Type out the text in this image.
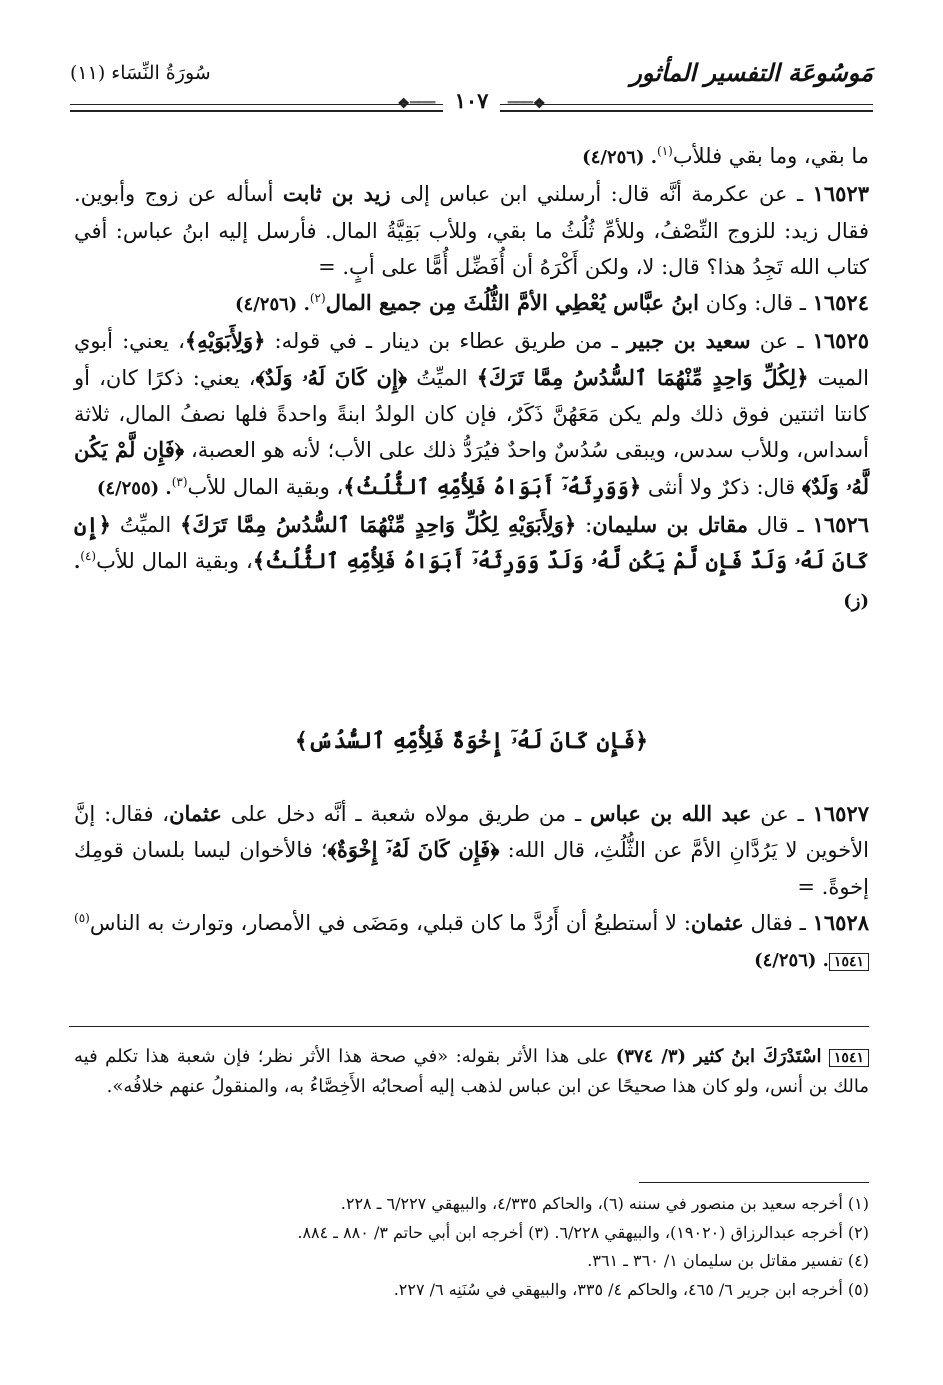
مَوسُوعَة التفسير المأثور
سُورَةُ النِّسَاء (١١)
❖═══ ١٠٧ ═══❖

ما بقي، وما بقي فللأب$^{(١)}$. (٤/٢٥٦)

١٦٥٢٣ ـ عن عكرمة أنَّه قال: أرسلني ابن عباس إلى زيد بن ثابت أسأله عن زوج وأبوين. فقال زيد: للزوج النِّصْفُ، وللأمِّ ثُلُثُ ما بقي، وللأب بَقِيَّةُ المال. فأرسل إليه ابنُ عباس: أفي كتاب الله تَجِدُ هذا؟ قال: لا، ولكن أَكْرَهُ أن أُفَضِّل أُمًّا على أبٍ. =

١٦٥٢٤ ـ قال: وكان ابنُ عبَّاس يُعْطِي الأمَّ الثُّلُثَ مِن جميع المال$^{(٢)}$. (٤/٢٥٦)

١٦٥٢٥ ـ عن سعيد بن جبير ـ من طريق عطاء بن دينار ـ في قوله: ﴿وَلِأَبَوَيْهِ﴾، يعني: أبوي الميت ﴿لِكُلِّ وَاحِدٍ مِّنْهُمَا ٱلسُّدُسُ مِمَّا تَرَكَ﴾ الميِّتُ ﴿إِن كَانَ لَهُۥ وَلَدٌ﴾، يعني: ذكرًا كان، أو كانتا اثنتين فوق ذلك ولم يكن مَعَهُنَّ ذَكَرٌ، فإن كان الولدُ ابنةً واحدةً فلها نصفُ المال، ثلاثة أسداس، وللأب سدس، ويبقى سُدُسٌ واحدٌ فيُرَدُّ ذلك على الأب؛ لأنه هو العصبة، ﴿فَإِن لَّمْ يَكُن لَّهُۥ وَلَدٌ﴾ قال: ذكرٌ ولا أنثى ﴿وَوَرِثَهُۥٓ أَبَوَاهُ فَلِأُمِّهِ ٱلثُّلُثُ﴾، وبقية المال للأب$^{(٣)}$. (٤/٢٥٥)

١٦٥٢٦ ـ قال مقاتل بن سليمان: ﴿وَلِأَبَوَيْهِ لِكُلِّ وَاحِدٍ مِّنْهُمَا ٱلسُّدُسُ مِمَّا تَرَكَ﴾ الميِّتُ ﴿إِن كَانَ لَهُۥ وَلَدٌ فَإِن لَّمْ يَكُن لَّهُۥ وَلَدٌ وَوَرِثَهُۥٓ أَبَوَاهُ فَلِأُمِّهِ ٱلثُّلُثُ﴾، وبقية المال للأب$^{(٤)}$. (ز)

﴿فَإِن كَانَ لَهُۥٓ إِخْوَةٌ فَلِأُمِّهِ ٱلسُّدُسُ﴾

١٦٥٢٧ ـ عن عبد الله بن عباس ـ من طريق مولاه شعبة ـ أنَّه دخل على عثمان، فقال: إنَّ الأخوين لا يَرُدَّانِ الأمَّ عن الثُّلُثِ، قال الله: ﴿فَإِن كَانَ لَهُۥٓ إِخْوَةٌ﴾؛ فالأخوان ليسا بلسان قومِك إخوةً. =

١٦٥٢٨ ـ فقال عثمان: لا أستطيعُ أن أَرُدَّ ما كان قبلي، ومَضَى في الأمصار، وتوارث به الناس$^{(٥)}$١٥٤١. (٤/٢٥٦)

١٥٤١ اسْتَدْرَكَ ابنُ كثير (٣/ ٣٧٤) على هذا الأثر بقوله: «في صحة هذا الأثر نظر؛ فإن شعبة هذا تكلم فيه مالك بن أنس، ولو كان هذا صحيحًا عن ابن عباس لذهب إليه أصحابُه الأَخِصَّاءُ به، والمنقولُ عنهم خلافُه».

(١) أخرجه سعيد بن منصور في سننه (٦)، والحاكم ٤/٣٣٥، والبيهقي ٦/٢٢٧ ـ ٢٢٨.
(٢) أخرجه عبدالرزاق (١٩٠٢٠)، والبيهقي ٦/٢٢٨. (٣) أخرجه ابن أبي حاتم ٣/ ٨٨٠ ـ ٨٨٤.
(٤) تفسير مقاتل بن سليمان ١/ ٣٦٠ ـ ٣٦١.
(٥) أخرجه ابن جرير ٦/ ٤٦٥، والحاكم ٤/ ٣٣٥، والبيهقي في سُنَنِه ٦/ ٢٢٧.
